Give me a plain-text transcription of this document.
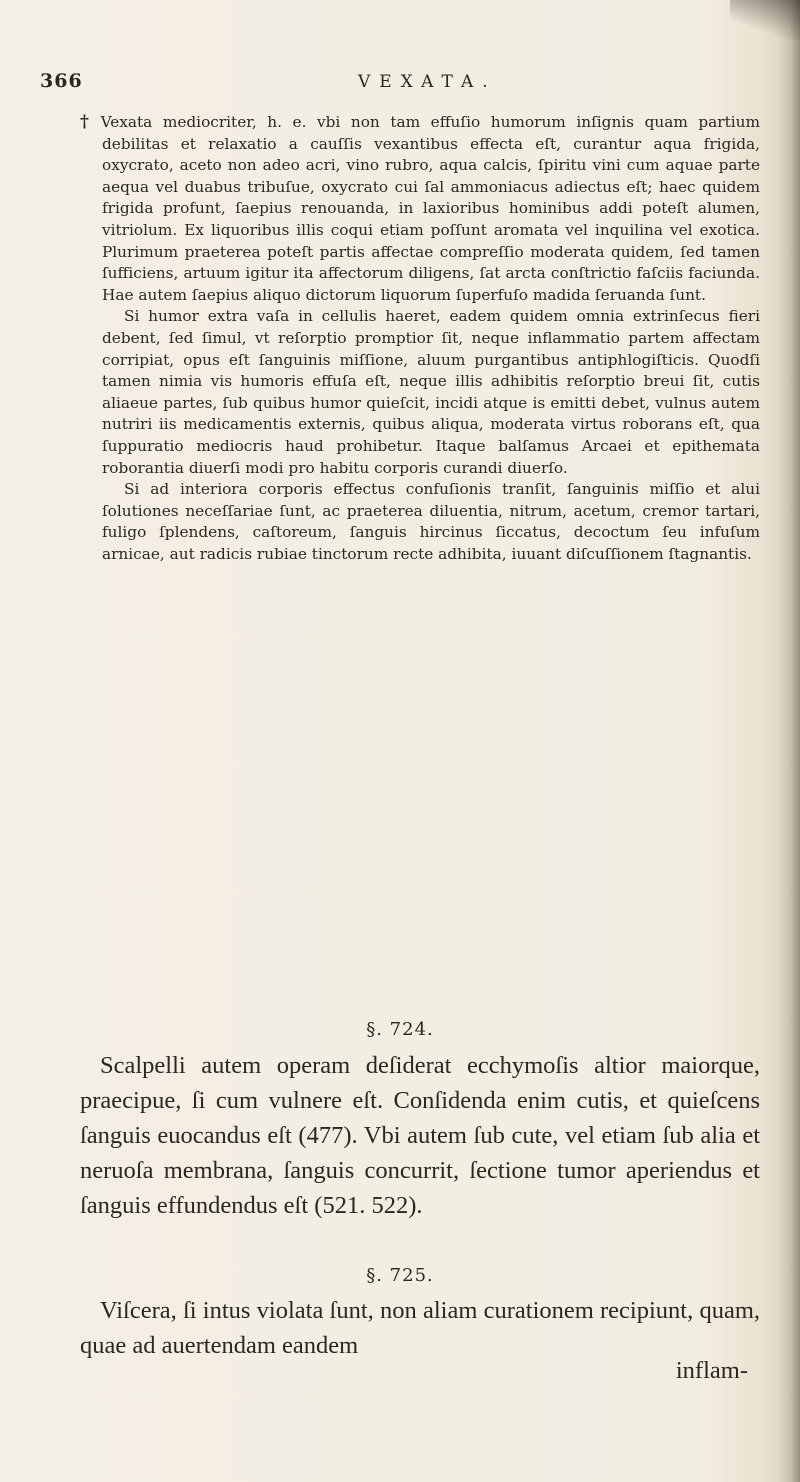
366	VEXATA.

† Vexata mediocriter, h. e. vbi non tam effuſio humorum inſignis quam partium debilitas et relaxatio a cauſſis vexantibus effecta eſt, curantur aqua frigida, oxycrato, aceto non adeo acri, vino rubro, aqua calcis, ſpiritu vini cum aquae parte aequa vel duabus tribuſue, oxycrato cui ſal ammoniacus adiectus eſt; haec quidem frigida profunt, ſaepius renouanda, in laxioribus hominibus addi poteſt alumen, vitriolum. Ex liquoribus illis coqui etiam poſſunt aromata vel inquilina vel exotica. Plurimum praeterea poteſt partis affectae compreſſio moderata quidem, ſed tamen ſufficiens, artuum igitur ita affectorum diligens, ſat arcta conſtrictio faſciis faciunda. Hae autem ſaepius aliquo dictorum liquorum ſuperfuſo madida ſeruanda ſunt.

Si humor extra vaſa in cellulis haeret, eadem quidem omnia extrinſecus fieri debent, ſed ſimul, vt reſorptio promptior ſit, neque inflammatio partem affectam corripiat, opus eſt ſanguinis miſſione, aluum purgantibus antiphlogiſticis. Quodſi tamen nimia vis humoris effuſa eſt, neque illis adhibitis reſorptio breui ſit, cutis aliaeue partes, ſub quibus humor quieſcit, incidi atque is emitti debet, vulnus autem nutriri iis medicamentis externis, quibus aliqua, moderata virtus roborans eſt, qua ſuppuratio mediocris haud prohibetur. Itaque balſamus Arcaei et epithemata roborantia diuerſi modi pro habitu corporis curandi diuerſo.

Si ad interiora corporis effectus confuſionis tranſit, ſanguinis miſſio et alui ſolutiones neceſſariae ſunt, ac praeterea diluentia, nitrum, acetum, cremor tartari, fuligo ſplendens, caſtoreum, ſanguis hircinus ſiccatus, decoctum ſeu infuſum arnicae, aut radicis rubiae tinctorum recte adhibita, iuuant diſcuſſionem ſtagnantis.

§. 724.

Scalpelli autem operam deſiderat ecchymoſis altior maiorque, praecipue, ſi cum vulnere eſt. Conſidenda enim cutis, et quieſcens ſanguis euocandus eſt (477). Vbi autem ſub cute, vel etiam ſub alia et neruoſa membrana, ſanguis concurrit, ſectione tumor aperiendus et ſanguis effundendus eſt (521. 522).

§. 725.

Viſcera, ſi intus violata ſunt, non aliam curationem recipiunt, quam, quae ad auertendam eandem

inflam-
